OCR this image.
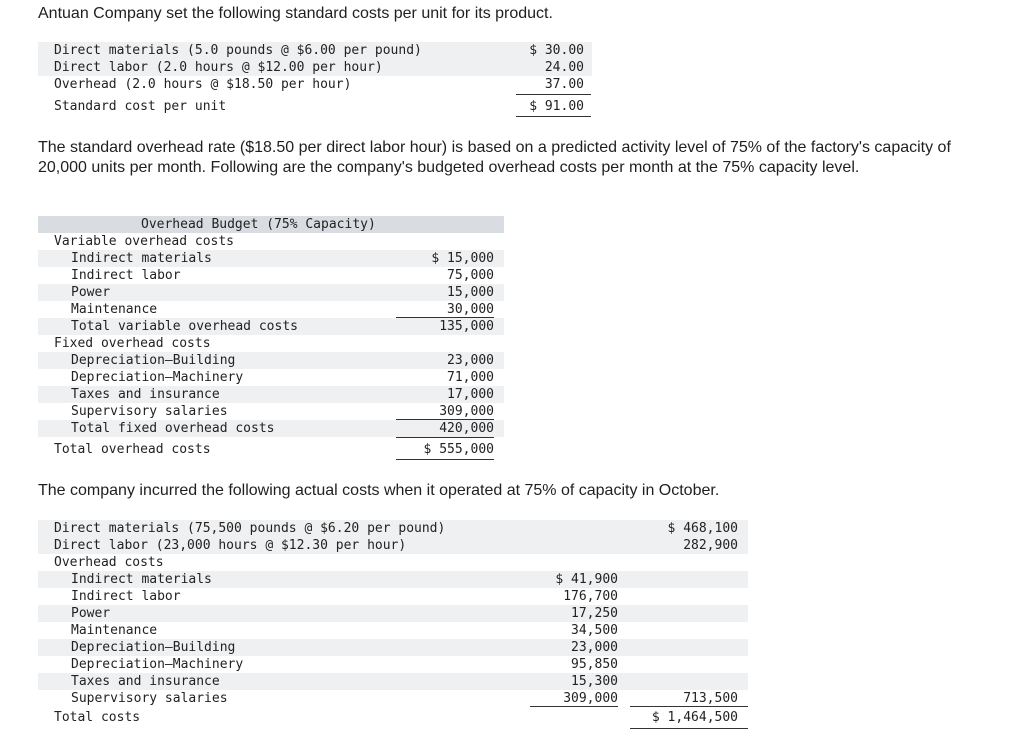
Antuan Company set the following standard costs per unit for its product.
Direct materials (5.0 pounds @ $6.00 per pound)	$ 30.00
Direct labor (2.0 hours @ $12.00 per hour)	24.00
Overhead (2.0 hours @ $18.50 per hour)	37.00
Standard cost per unit	$ 91.00
The standard overhead rate ($18.50 per direct labor hour) is based on a predicted activity level of 75% of the factory's capacity of 20,000 units per month. Following are the company's budgeted overhead costs per month at the 75% capacity level.
Overhead Budget (75% Capacity)
Variable overhead costs
Indirect materials	$ 15,000
Indirect labor	75,000
Power	15,000
Maintenance	30,000
Total variable overhead costs	135,000
Fixed overhead costs
Depreciation—Building	23,000
Depreciation—Machinery	71,000
Taxes and insurance	17,000
Supervisory salaries	309,000
Total fixed overhead costs	420,000
Total overhead costs	$ 555,000
The company incurred the following actual costs when it operated at 75% of capacity in October.
Direct materials (75,500 pounds @ $6.20 per pound)	$ 468,100
Direct labor (23,000 hours @ $12.30 per hour)	282,900
Overhead costs
Indirect materials	$ 41,900
Indirect labor	176,700
Power	17,250
Maintenance	34,500
Depreciation—Building	23,000
Depreciation—Machinery	95,850
Taxes and insurance	15,300
Supervisory salaries	309,000	713,500
Total costs	$ 1,464,500
